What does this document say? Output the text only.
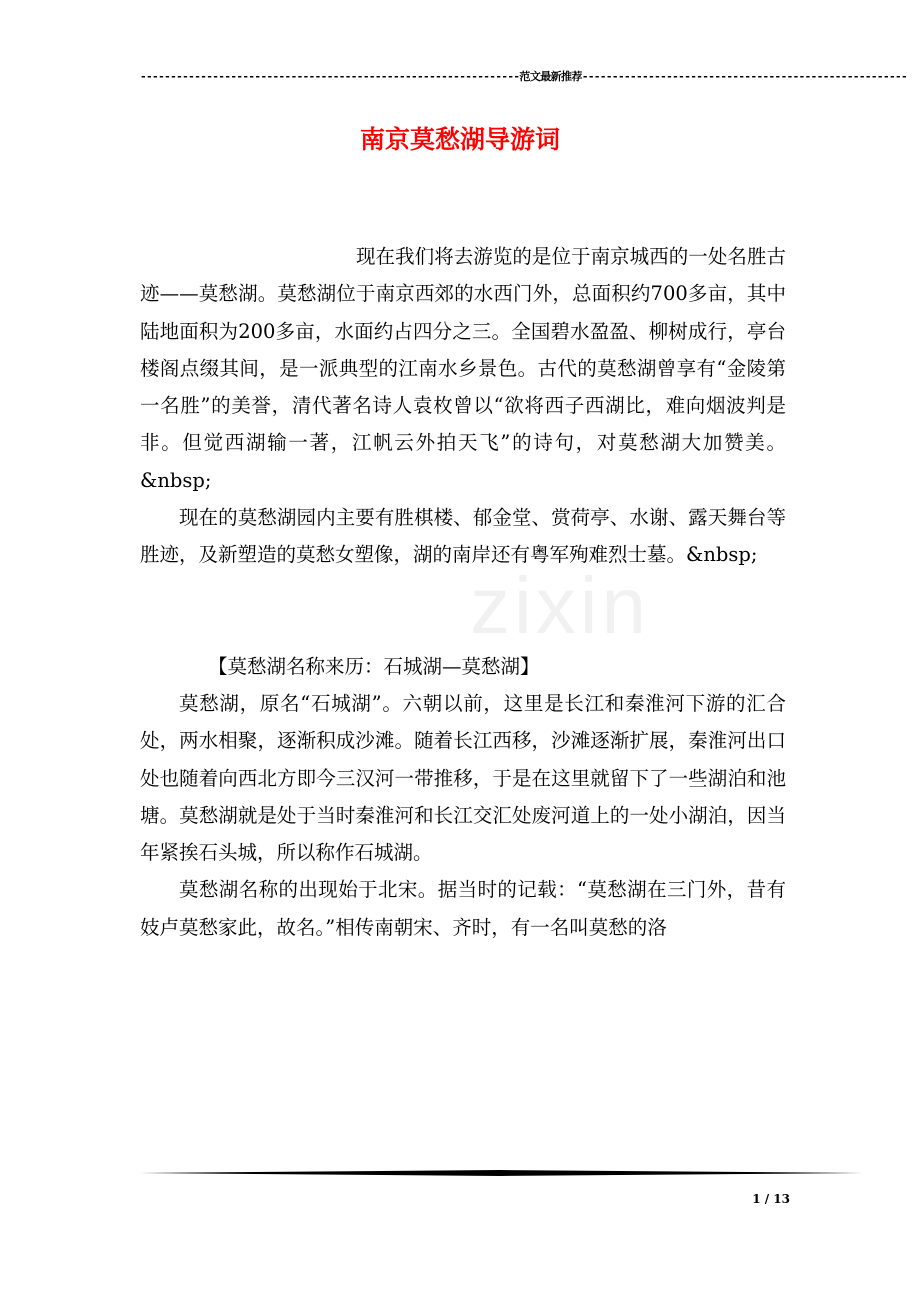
---------------------------------------------------------------范文最新推荐------------------------------------------------------
南京莫愁湖导游词
zixin

现在我们将去游览的是位于南京城西的一处名胜古迹——莫愁湖。莫愁湖位于南京西郊的水西门外，总面积约700多亩，其中陆地面积为200多亩，水面约占四分之三。全国碧水盈盈、柳树成行，亭台楼阁点缀其间，是一派典型的江南水乡景色。古代的莫愁湖曾享有“金陵第一名胜”的美誉，清代著名诗人袁枚曾以“欲将西子西湖比，难向烟波判是非。但觉西湖输一著，江帆云外拍天飞”的诗句，对莫愁湖大加赞美。&nbsp;

现在的莫愁湖园内主要有胜棋楼、郁金堂、赏荷亭、水谢、露天舞台等胜迹，及新塑造的莫愁女塑像，湖的南岸还有粤军殉难烈士墓。&nbsp;

【莫愁湖名称来历：石城湖—莫愁湖】

莫愁湖，原名“石城湖”。六朝以前，这里是长江和秦淮河下游的汇合处，两水相聚，逐渐积成沙滩。随着长江西移，沙滩逐渐扩展，秦淮河出口处也随着向西北方即今三汉河一带推移，于是在这里就留下了一些湖泊和池塘。莫愁湖就是处于当时秦淮河和长江交汇处废河道上的一处小湖泊，因当年紧挨石头城，所以称作石城湖。

莫愁湖名称的出现始于北宋。据当时的记载：“莫愁湖在三门外，昔有妓卢莫愁家此，故名。”相传南朝宋、齐时，有一名叫莫愁的洛

1 / 13
